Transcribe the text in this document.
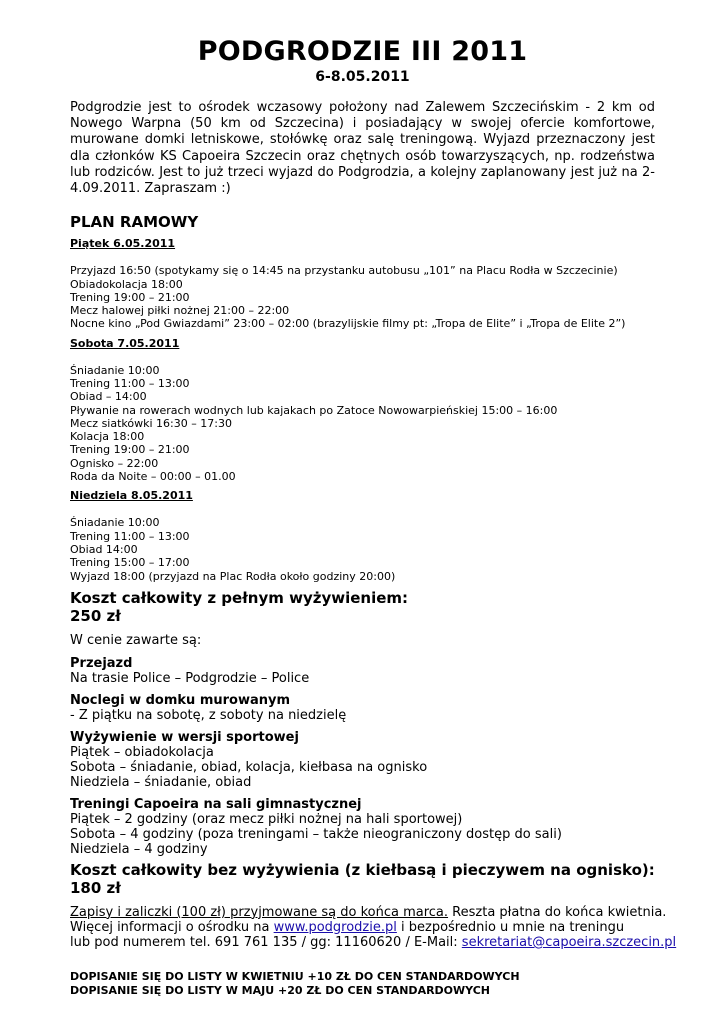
PODGRODZIE III 2011
6-8.05.2011
Podgrodzie jest to ośrodek wczasowy położony nad Zalewem Szczecińskim - 2 km od Nowego Warpna (50 km od Szczecina) i posiadający w swojej ofercie komfortowe, murowane domki letniskowe, stołówkę oraz salę treningową. Wyjazd przeznaczony jest dla członków KS Capoeira Szczecin oraz chętnych osób towarzyszących, np. rodzeństwa lub rodziców. Jest to już trzeci wyjazd do Podgrodzia, a kolejny zaplanowany jest już na 2-4.09.2011. Zapraszam :)
PLAN RAMOWY
Piątek 6.05.2011
Przyjazd 16:50 (spotykamy się o 14:45 na przystanku autobusu „101” na Placu Rodła w Szczecinie)
Obiadokolacja 18:00
Trening 19:00 – 21:00
Mecz halowej piłki nożnej 21:00 – 22:00
Nocne kino „Pod Gwiazdami” 23:00 – 02:00 (brazylijskie filmy pt: „Tropa de Elite” i „Tropa de Elite 2”)
Sobota 7.05.2011
Śniadanie 10:00
Trening 11:00 – 13:00
Obiad – 14:00
Pływanie na rowerach wodnych lub kajakach po Zatoce Nowowarpieńskiej 15:00 – 16:00
Mecz siatkówki 16:30 – 17:30
Kolacja 18:00
Trening 19:00 – 21:00
Ognisko – 22:00
Roda da Noite – 00:00 – 01.00
Niedziela 8.05.2011
Śniadanie 10:00
Trening 11:00 – 13:00
Obiad 14:00
Trening 15:00 – 17:00
Wyjazd 18:00 (przyjazd na Plac Rodła około godziny 20:00)
Koszt całkowity z pełnym wyżywieniem:
250 zł
W cenie zawarte są:
Przejazd
Na trasie Police – Podgrodzie – Police
Noclegi w domku murowanym
- Z piątku na sobotę, z soboty na niedzielę
Wyżywienie w wersji sportowej
Piątek – obiadokolacja
Sobota – śniadanie, obiad, kolacja, kiełbasa na ognisko
Niedziela – śniadanie, obiad
Treningi Capoeira na sali gimnastycznej
Piątek – 2 godziny (oraz mecz piłki nożnej na hali sportowej)
Sobota – 4 godziny (poza treningami – także nieograniczony dostęp do sali)
Niedziela – 4 godziny
Koszt całkowity bez wyżywienia (z kiełbasą i pieczywem na ognisko):
180 zł
Zapisy i zaliczki (100 zł) przyjmowane są do końca marca. Reszta płatna do końca kwietnia.
Więcej informacji o ośrodku na www.podgrodzie.pl i bezpośrednio u mnie na treningu
lub pod numerem tel. 691 761 135 / gg: 11160620 / E-Mail: sekretariat@capoeira.szczecin.pl
DOPISANIE SIĘ DO LISTY W KWIETNIU +10 ZŁ DO CEN STANDARDOWYCH
DOPISANIE SIĘ DO LISTY W MAJU +20 ZŁ DO CEN STANDARDOWYCH
